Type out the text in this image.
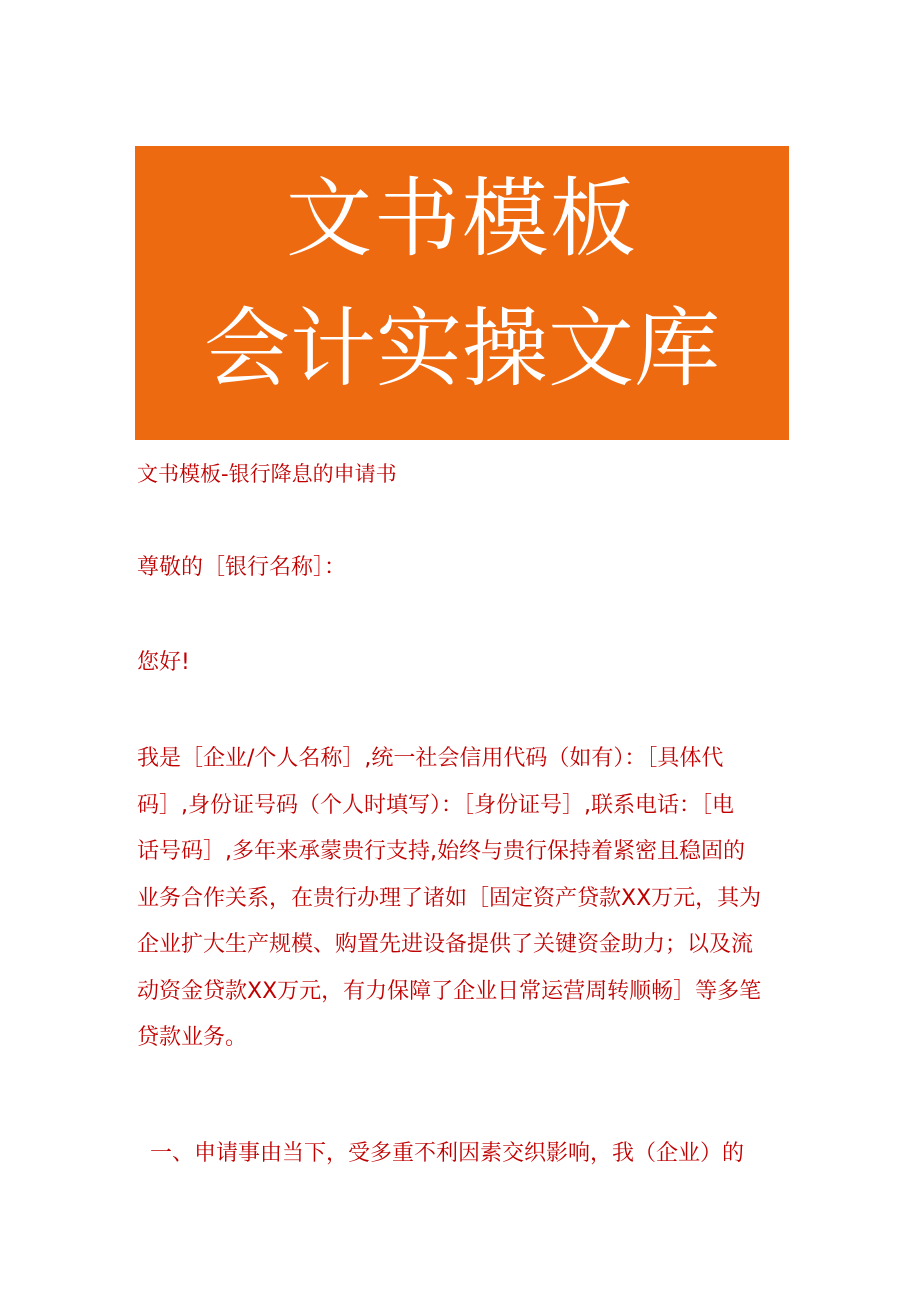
文书模板
会计实操文库
文书模板-银行降息的申请书
尊敬的［银行名称］：
您好!
我是［企业/个人名称］,统一社会信用代码（如有）：［具体代
码］,身份证号码（个人时填写）：［身份证号］,联系电话：［电
话号码］,多年来承蒙贵行支持,始终与贵行保持着紧密且稳固的
业务合作关系，在贵行办理了诸如［固定资产贷款XX万元，其为
企业扩大生产规模、购置先进设备提供了关键资金助力；以及流
动资金贷款XX万元，有力保障了企业日常运营周转顺畅］等多笔
贷款业务。
一、申请事由当下，受多重不利因素交织影响，我（企业）的
